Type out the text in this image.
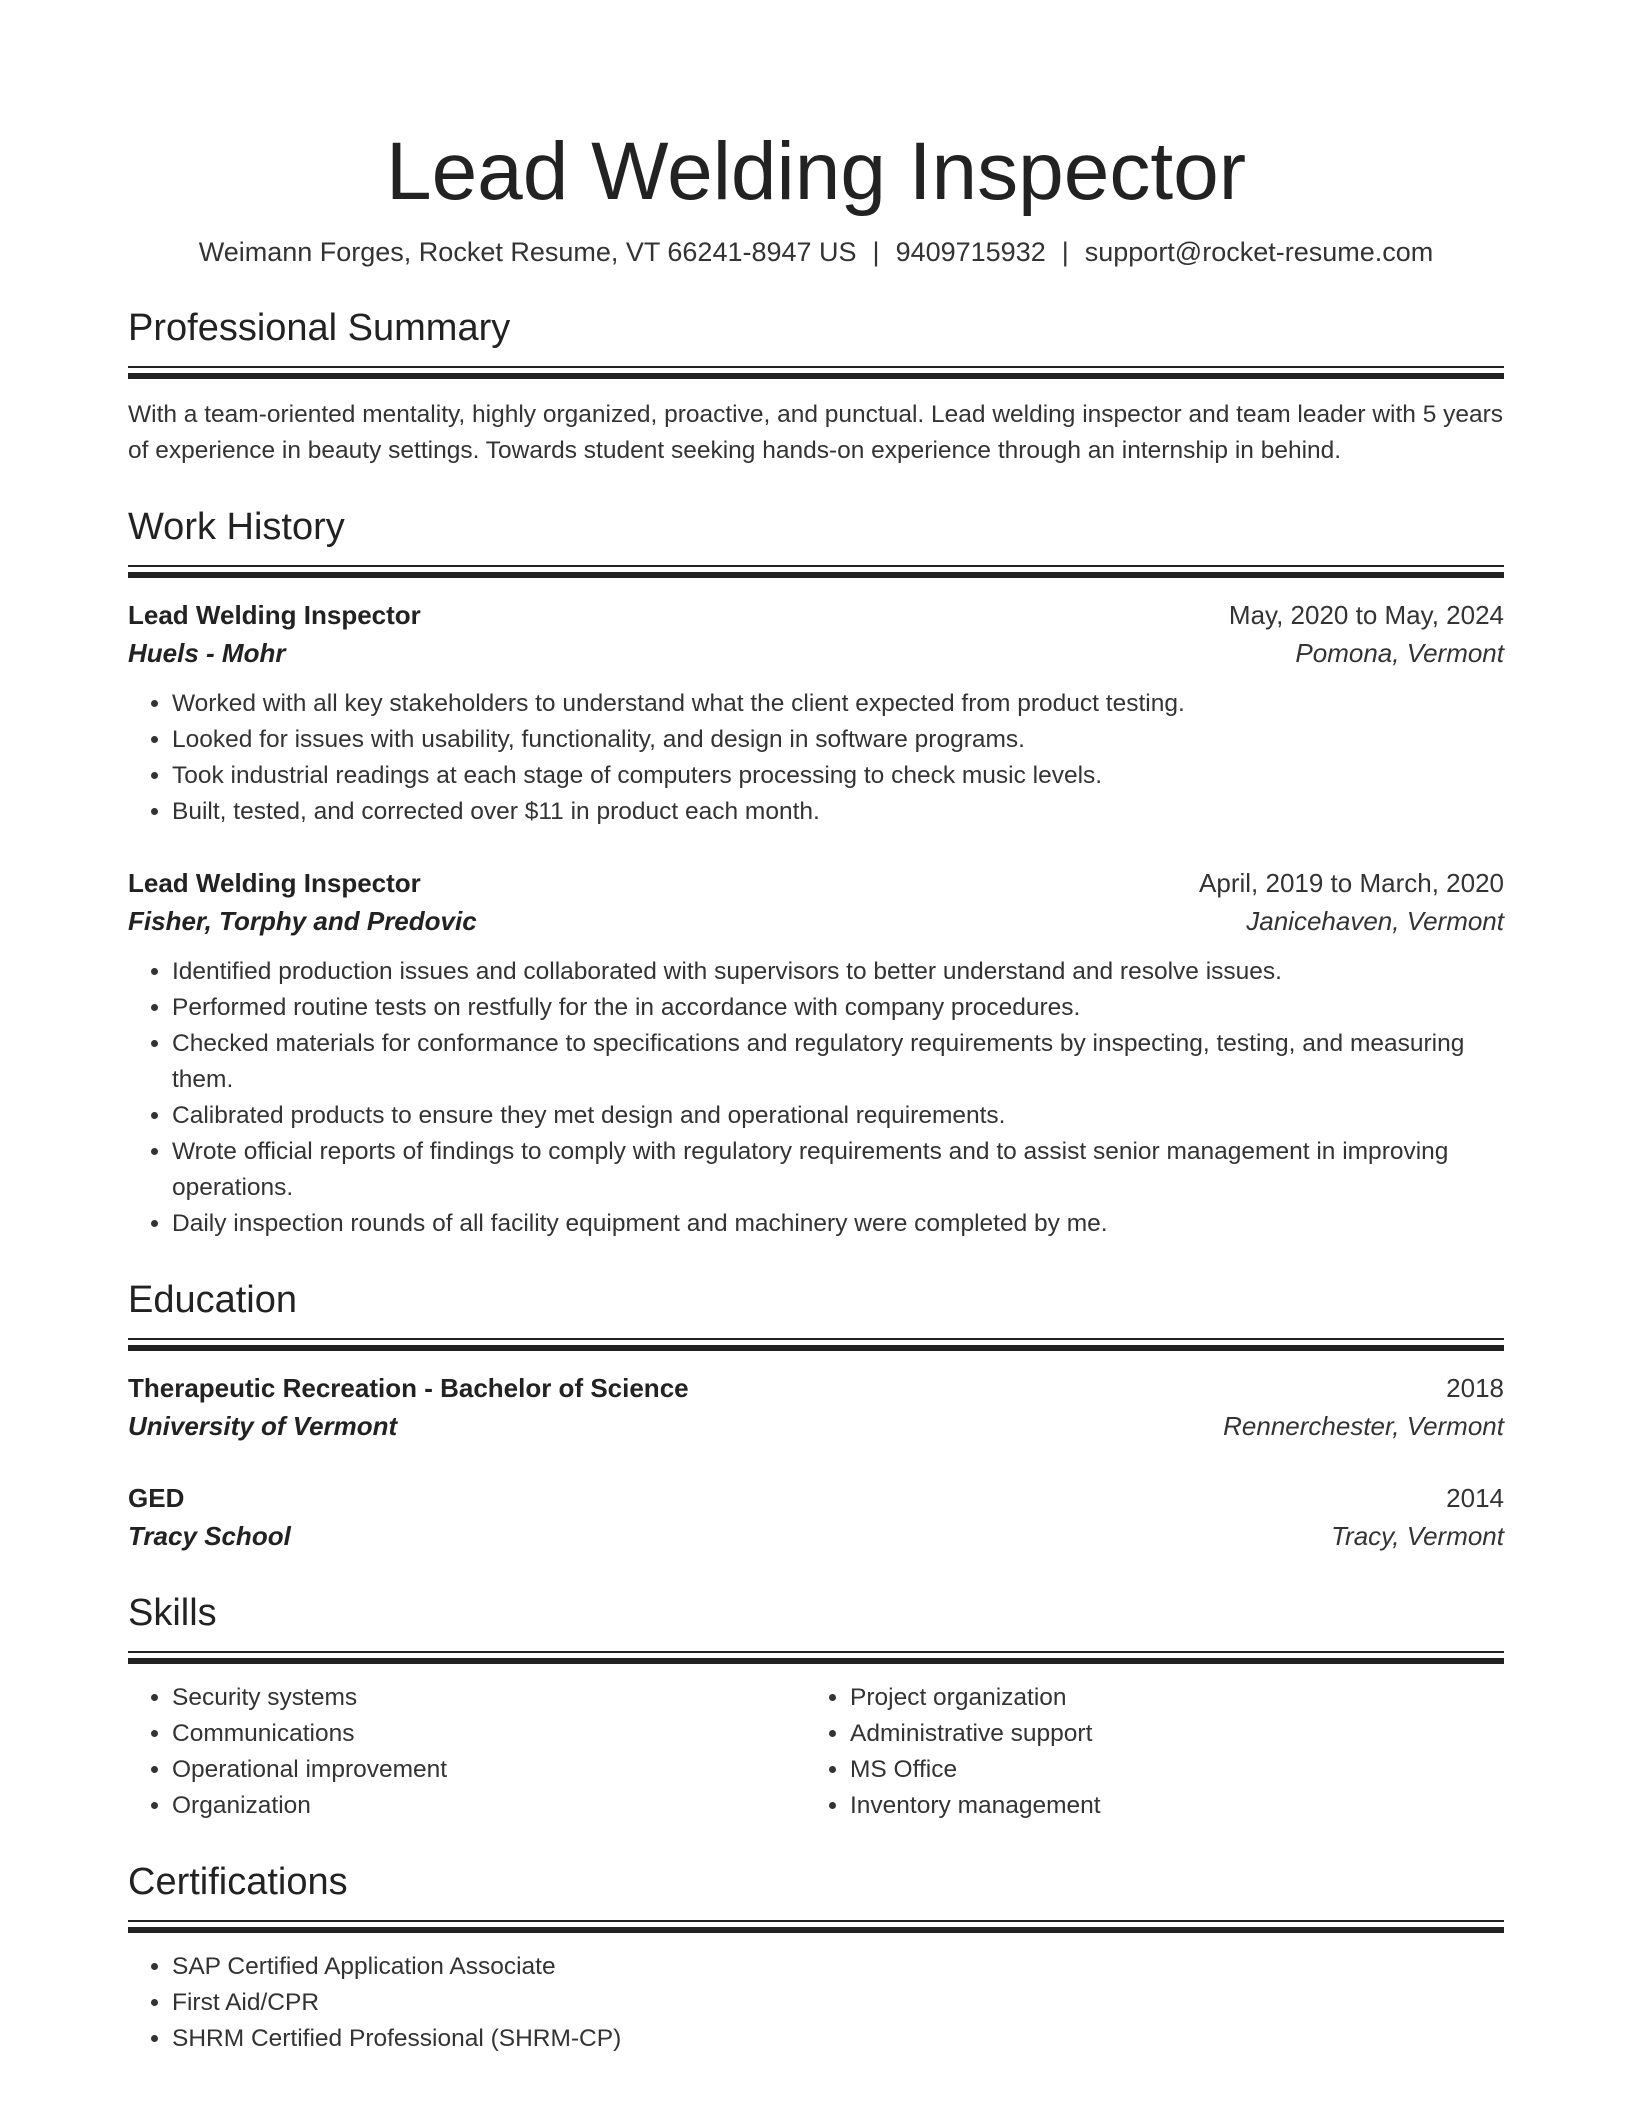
Lead Welding Inspector
Weimann Forges, Rocket Resume, VT 66241-8947 US | 9409715932 | support@rocket-resume.com
Professional Summary
With a team-oriented mentality, highly organized, proactive, and punctual. Lead welding inspector and team leader with 5 years of experience in beauty settings. Towards student seeking hands-on experience through an internship in behind.
Work History
Lead Welding Inspector	May, 2020 to May, 2024
Huels - Mohr	Pomona, Vermont
• Worked with all key stakeholders to understand what the client expected from product testing.
• Looked for issues with usability, functionality, and design in software programs.
• Took industrial readings at each stage of computers processing to check music levels.
• Built, tested, and corrected over $11 in product each month.
Lead Welding Inspector	April, 2019 to March, 2020
Fisher, Torphy and Predovic	Janicehaven, Vermont
• Identified production issues and collaborated with supervisors to better understand and resolve issues.
• Performed routine tests on restfully for the in accordance with company procedures.
• Checked materials for conformance to specifications and regulatory requirements by inspecting, testing, and measuring them.
• Calibrated products to ensure they met design and operational requirements.
• Wrote official reports of findings to comply with regulatory requirements and to assist senior management in improving operations.
• Daily inspection rounds of all facility equipment and machinery were completed by me.
Education
Therapeutic Recreation - Bachelor of Science	2018
University of Vermont	Rennerchester, Vermont
GED	2014
Tracy School	Tracy, Vermont
Skills
• Security systems
• Communications
• Operational improvement
• Organization
• Project organization
• Administrative support
• MS Office
• Inventory management
Certifications
• SAP Certified Application Associate
• First Aid/CPR
• SHRM Certified Professional (SHRM-CP)
